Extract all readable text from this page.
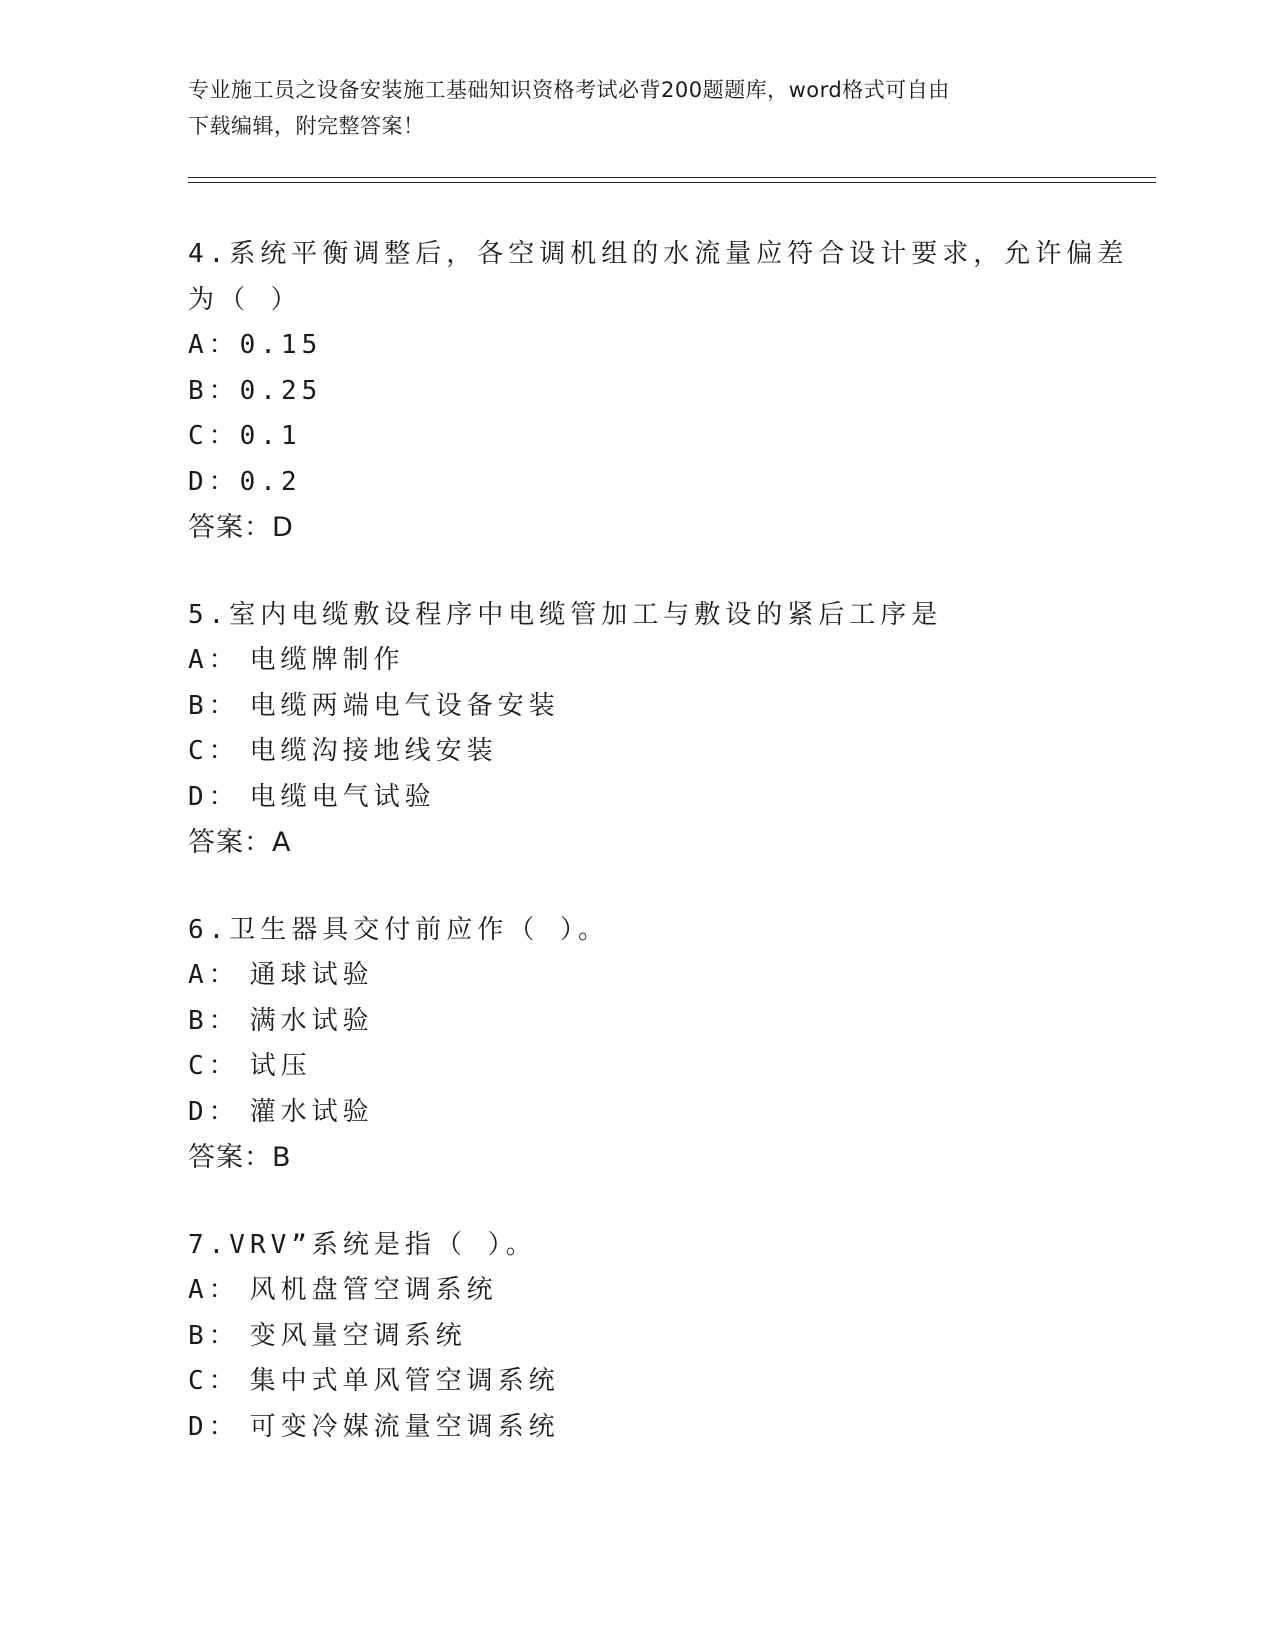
专业施工员之设备安装施工基础知识资格考试必背200题题库，word格式可自由
下载编辑，附完整答案！
4.系统平衡调整后，各空调机组的水流量应符合设计要求，允许偏差
为（ ）
A：0.15
B：0.25
C：0.1
D：0.2
答案：D
5.室内电缆敷设程序中电缆管加工与敷设的紧后工序是
A： 电缆牌制作
B： 电缆两端电气设备安装
C： 电缆沟接地线安装
D： 电缆电气试验
答案：A
6.卫生器具交付前应作（ ）。
A： 通球试验
B： 满水试验
C： 试压
D： 灌水试验
答案：B
7.VRV”系统是指（ ）。
A： 风机盘管空调系统
B： 变风量空调系统
C： 集中式单风管空调系统
D： 可变冷媒流量空调系统
